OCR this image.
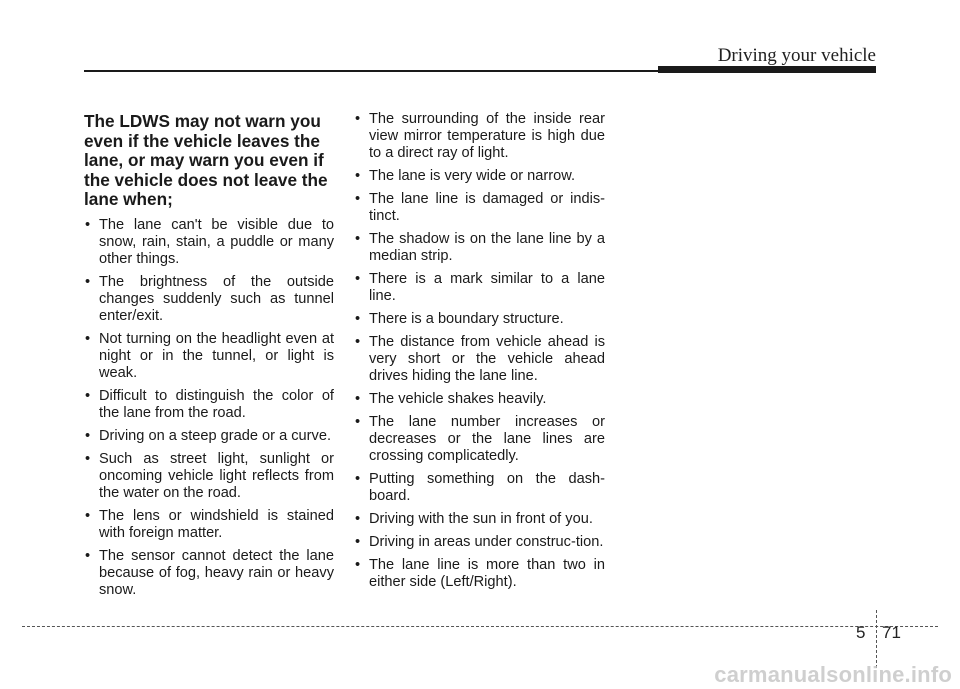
Driving your vehicle
The LDWS may not warn you even if the vehicle leaves the lane, or may warn you even if the vehicle does not leave the lane when;
• The lane can't be visible due to snow, rain, stain, a puddle or many other things.
• The brightness of the outside changes suddenly such as tunnel enter/exit.
• Not turning on the headlight even at night or in the tunnel, or light is weak.
• Difficult to distinguish the color of the lane from the road.
• Driving on a steep grade or a curve.
• Such as street light, sunlight or oncoming vehicle light reflects from the water on the road.
• The lens or windshield is stained with foreign matter.
• The sensor cannot detect the lane because of fog, heavy rain or heavy snow.
• The surrounding of the inside rear view mirror temperature is high due to a direct ray of light.
• The lane is very wide or narrow.
• The lane line is damaged or indis-tinct.
• The shadow is on the lane line by a median strip.
• There is a mark similar to a lane line.
• There is a boundary structure.
• The distance from vehicle ahead is very short or the vehicle ahead drives hiding the lane line.
• The vehicle shakes heavily.
• The lane number increases or decreases or the lane lines are crossing complicatedly.
• Putting something on the dash-board.
• Driving with the sun in front of you.
• Driving in areas under construc-tion.
• The lane line is more than two in either side (Left/Right).
5 71
carmanualsonline.info
